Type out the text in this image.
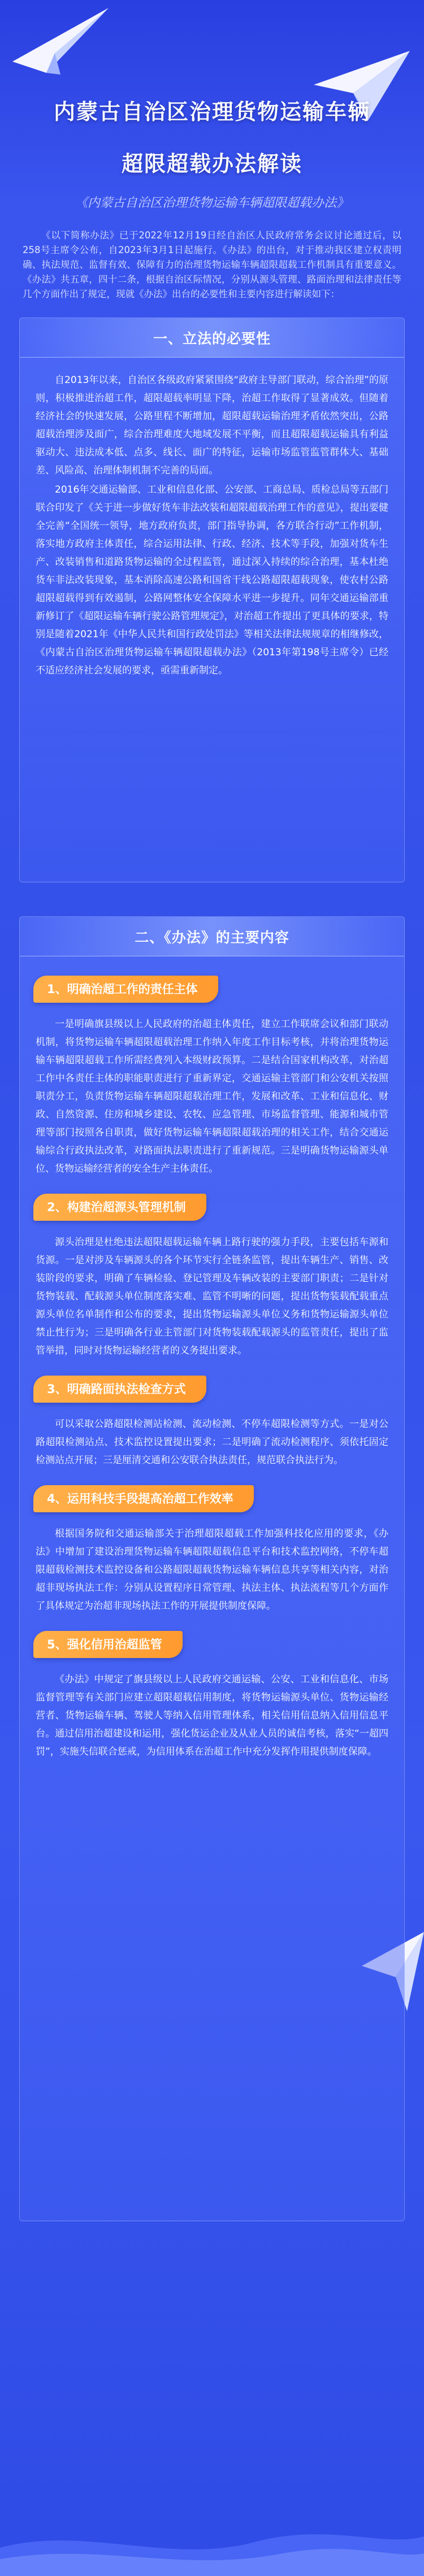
内蒙古自治区治理货物运输车辆
超限超载办法解读
《内蒙古自治区治理货物运输车辆超限超载办法》

《以下简称办法》已于2022年12月19日经自治区人民政府常务会议讨论通过后，以258号主席令公布，自2023年3月1日起施行。《办法》的出台，对于推动我区建立权责明确、执法规范、监督有效、保障有力的治理货物运输车辆超限超载工作机制具有重要意义。《办法》共五章，四十二条，根据自治区际情况，分别从源头管理、路面治理和法律责任等几个方面作出了规定，现就《办法》出台的必要性和主要内容进行解读如下：

一、立法的必要性

自2013年以来，自治区各级政府紧紧围绕“政府主导部门联动，综合治理”的原则，积极推进治超工作，超限超载率明显下降，治超工作取得了显著成效。但随着经济社会的快速发展，公路里程不断增加，超限超载运输治理矛盾依然突出，公路超载治理涉及面广，综合治理难度大地域发展不平衡，而且超限超载运输具有利益驱动大、违法成本低、点多、线长、面广的特征，运输市场监管监管群体大、基础差、风险高、治理体制机制不完善的局面。

2016年交通运输部、工业和信息化部、公安部、工商总局、质检总局等五部门联合印发了《关于进一步做好货车非法改装和超限超载治理工作的意见》，提出要健全完善“全国统一领导，地方政府负责，部门指导协调，各方联合行动”工作机制，落实地方政府主体责任，综合运用法律、行政、经济、技术等手段，加强对货车生产、改装销售和道路货物运输的全过程监管，通过深入持续的综合治理，基本杜绝货车非法改装现象，基本消除高速公路和国省干线公路超限超载现象，使农村公路超限超载得到有效遏制，公路网整体安全保障水平进一步提升。同年交通运输部重新修订了《超限运输车辆行驶公路管理规定》，对治超工作提出了更具体的要求，特别是随着2021年《中华人民共和国行政处罚法》等相关法律法规规章的相继修改，《内蒙古自治区治理货物运输车辆超限超载办法》（2013年第198号主席令）已经不适应经济社会发展的要求，亟需重新制定。

二、《办法》的主要内容
1、明确治超工作的责任主体

一是明确旗县级以上人民政府的治超主体责任，建立工作联席会议和部门联动机制，将货物运输车辆超限超载治理工作纳入年度工作目标考核，并将治理货物运输车辆超限超载工作所需经费列入本级财政预算。二是结合国家机构改革，对治超工作中各责任主体的职能职责进行了重新界定，交通运输主管部门和公安机关按照职责分工，负责货物运输车辆超限超载治理工作，发展和改革、工业和信息化、财政、自然资源、住房和城乡建设、农牧、应急管理、市场监督管理、能源和城市管理等部门按照各自职责，做好货物运输车辆超限超载治理的相关工作，结合交通运输综合行政执法改革，对路面执法职责进行了重新规范。三是明确货物运输源头单位、货物运输经营者的安全生产主体责任。

2、构建治超源头管理机制

源头治理是杜绝违法超限超载运输车辆上路行驶的强力手段，主要包括车源和货源。一是对涉及车辆源头的各个环节实行全链条监管，提出车辆生产、销售、改装阶段的要求，明确了车辆检验、登记管理及车辆改装的主要部门职责；二是针对货物装载、配载源头单位制度落实难、监管不明晰的问题，提出货物装载配载重点源头单位名单制作和公布的要求，提出货物运输源头单位义务和货物运输源头单位禁止性行为；三是明确各行业主管部门对货物装载配载源头的监管责任，提出了监管举措，同时对货物运输经营者的义务提出要求。

3、明确路面执法检查方式

可以采取公路超限检测站检测、流动检测、不停车超限检测等方式。一是对公路超限检测站点、技术监控设置提出要求；二是明确了流动检测程序、须依托固定检测站点开展；三是厘清交通和公安联合执法责任，规范联合执法行为。

4、运用科技手段提高治超工作效率

根据国务院和交通运输部关于治理超限超载工作加强科技化应用的要求，《办法》中增加了建设治理货物运输车辆超限超载信息平台和技术监控网络，不停车超限超载检测技术监控设备和公路超限超载货物运输车辆信息共享等相关内容，对治超非现场执法工作：分别从设置程序日常管理、执法主体、执法流程等几个方面作了具体规定为治超非现场执法工作的开展提供制度保障。

5、强化信用治超监管

《办法》中规定了旗县级以上人民政府交通运输、公安、工业和信息化、市场监督管理等有关部门应建立超限超载信用制度，将货物运输源头单位、货物运输经营者、货物运输车辆、驾驶人等纳入信用管理体系，相关信用信息纳入信用信息平台。通过信用治超建设和运用，强化货运企业及从业人员的诚信考核，落实“一超四罚”，实施失信联合惩戒，为信用体系在治超工作中充分发挥作用提供制度保障。
